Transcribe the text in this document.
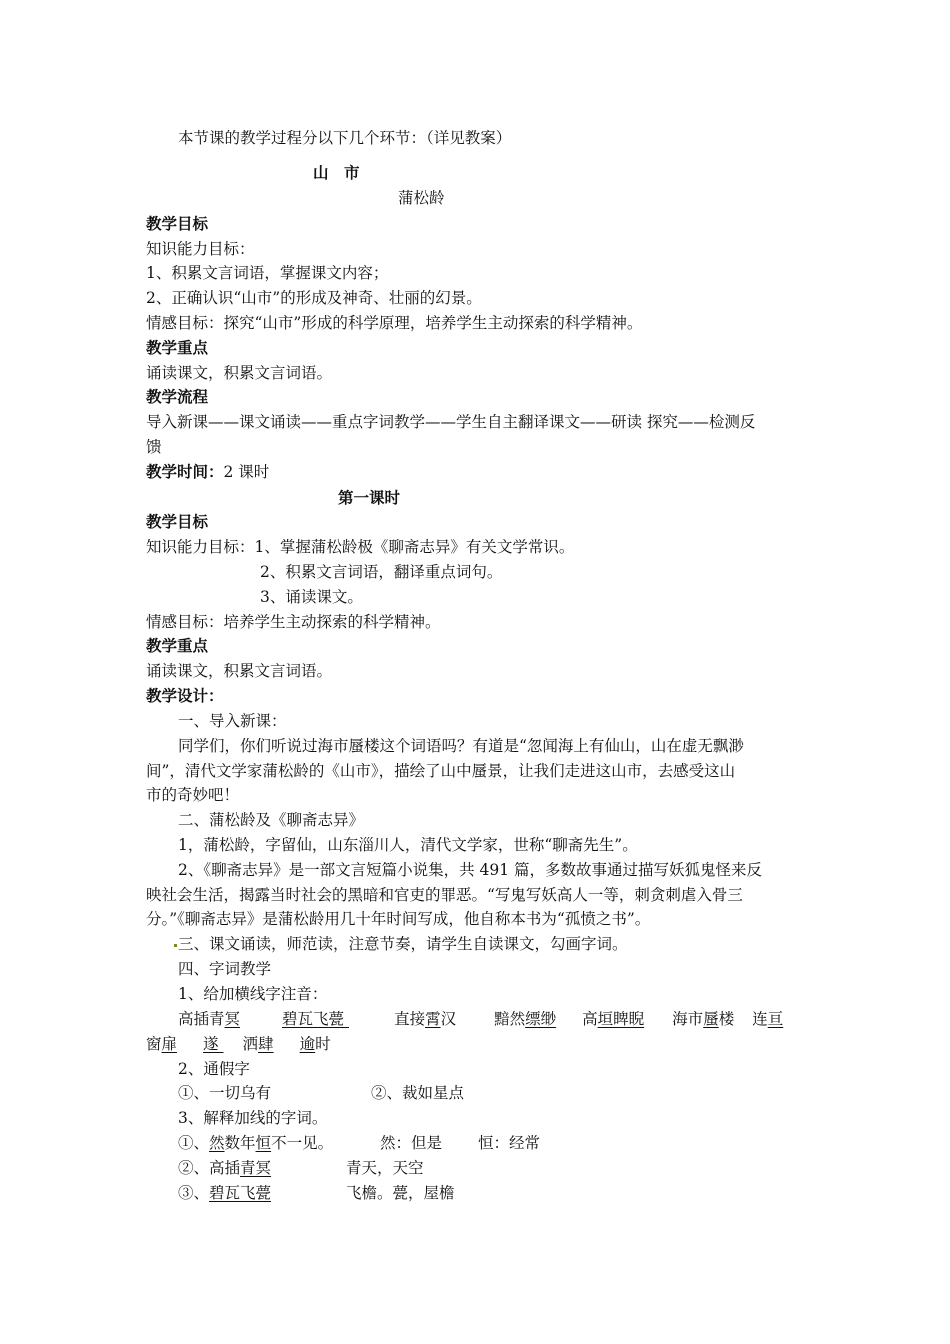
本节课的教学过程分以下几个环节：（详见教案）
山　市
蒲松龄
教学目标
知识能力目标：
1、积累文言词语，掌握课文内容；
2、正确认识“山市”的形成及神奇、壮丽的幻景。
情感目标：探究“山市”形成的科学原理，培养学生主动探索的科学精神。
教学重点
诵读课文，积累文言词语。
教学流程
导入新课——课文诵读——重点字词教学——学生自主翻译课文——研读 探究——检测反
馈
教学时间：2 课时
第一课时
教学目标
知识能力目标：1、掌握蒲松龄极《聊斋志异》有关文学常识。
2、积累文言词语，翻译重点词句。
3、诵读课文。
情感目标：培养学生主动探索的科学精神。
教学重点
诵读课文，积累文言词语。
教学设计：
一、导入新课：
同学们，你们听说过海市蜃楼这个词语吗？有道是“忽闻海上有仙山，山在虚无飘渺
间”，清代文学家蒲松龄的《山市》，描绘了山中蜃景，让我们走进这山市，去感受这山
市的奇妙吧！
二、蒲松龄及《聊斋志异》
1，蒲松龄，字留仙，山东淄川人，清代文学家，世称“聊斋先生”。
2、《聊斋志异》是一部文言短篇小说集，共 491 篇，多数故事通过描写妖狐鬼怪来反
映社会生活，揭露当时社会的黑暗和官吏的罪恶。“写鬼写妖高人一等，刺贪刺虐入骨三
分。”《聊斋志异》是蒲松龄用几十年时间写成，他自称本书为“孤愤之书”。
三、课文诵读，师范读，注意节奏，请学生自读课文，勾画字词。
四、字词教学
1、给加横线字注音：
高插青冥	碧瓦飞甍	直接霄汉 黯然缥缈 高垣睥睨 海市蜃楼 连亘
窗扉 遂 洒肆 逾时
2、通假字
①、一切乌有	②、裁如星点
3、解释加线的字词。
①、然数年恒不一见。	然：但是 恒：经常
②、高插青冥	青天，天空
③、碧瓦飞甍	飞檐。甍，屋檐
